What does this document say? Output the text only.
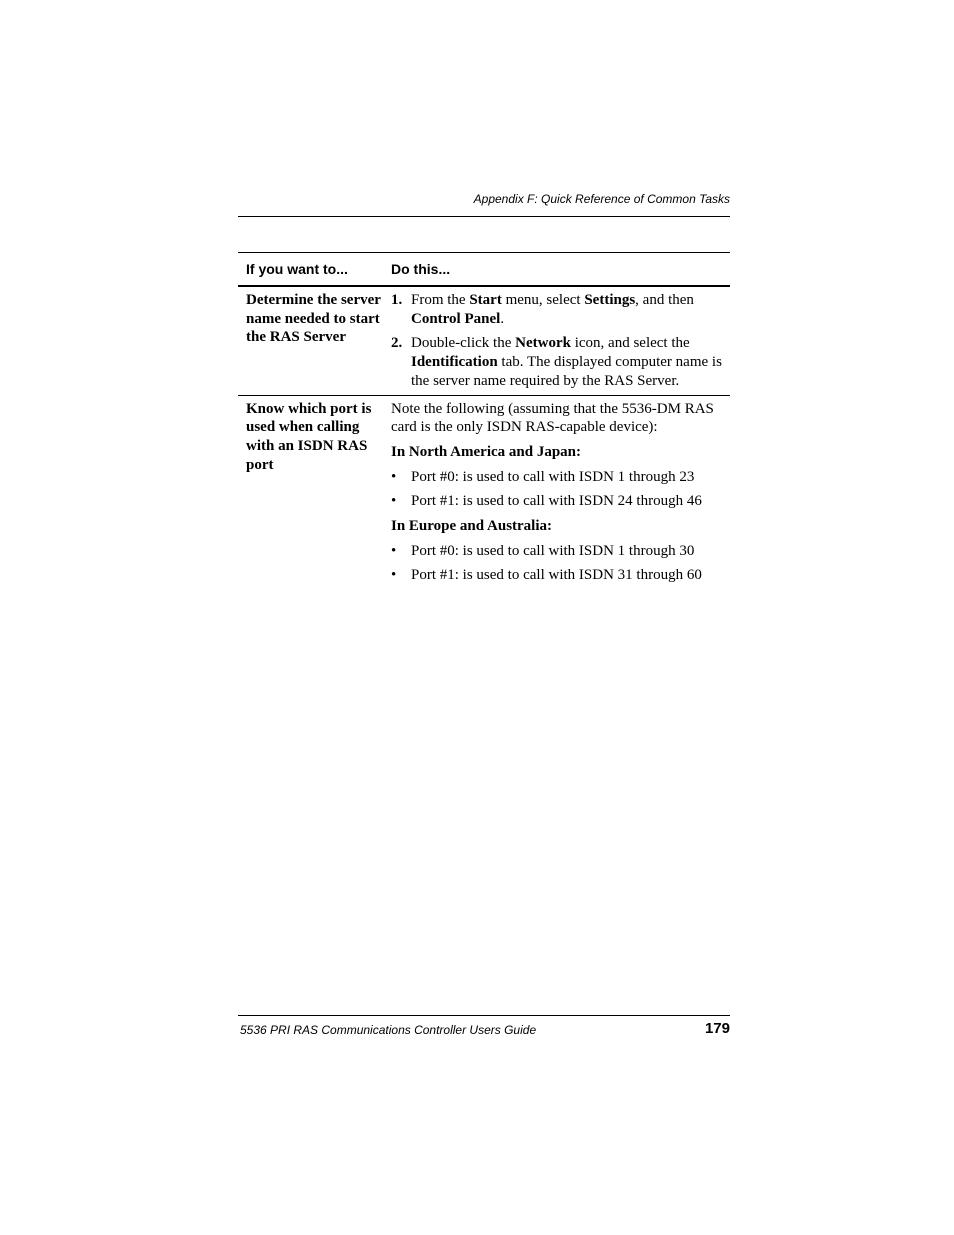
Appendix F: Quick Reference of Common Tasks
If you want to...	Do this...
Determine the server name needed to start the RAS Server
1. From the Start menu, select Settings, and then Control Panel.
2. Double-click the Network icon, and select the Identification tab. The displayed computer name is the server name required by the RAS Server.
Know which port is used when calling with an ISDN RAS port
Note the following (assuming that the 5536-DM RAS card is the only ISDN RAS-capable device):
In North America and Japan:
• Port #0: is used to call with ISDN 1 through 23
• Port #1: is used to call with ISDN 24 through 46
In Europe and Australia:
• Port #0: is used to call with ISDN 1 through 30
• Port #1: is used to call with ISDN 31 through 60
5536 PRI RAS Communications Controller Users Guide	179
